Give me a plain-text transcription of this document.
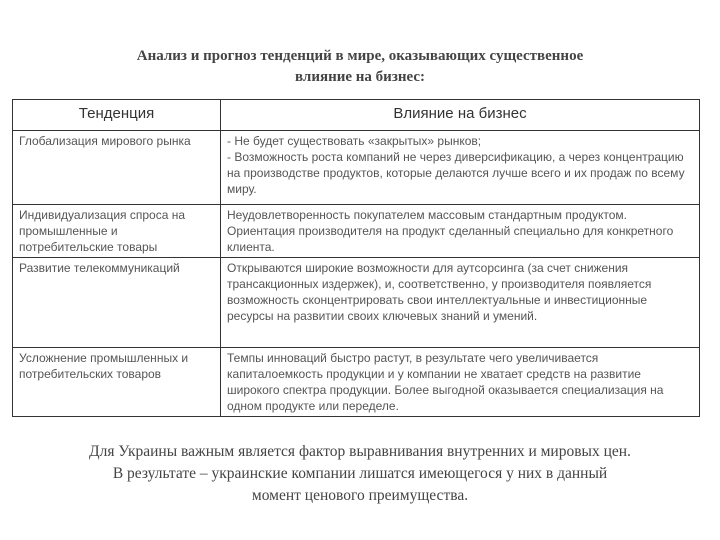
Анализ и прогноз тенденций в мире, оказывающих существенное
влияние на бизнес:
Тенденция	Влияние на бизнес
Глобализация мирового рынка	- Не будет существовать «закрытых» рынков;
- Возможность роста компаний не через диверсификацию, а через концентрацию на производстве продуктов, которые делаются лучше всего и их продаж по всему миру.

Индивидуализация спроса на промышленные и потребительские товары	Неудовлетворенность покупателем массовым стандартным продуктом. Ориентация производителя на продукт сделанный специально для конкретного клиента.
Развитие телекоммуникаций	Открываются широкие возможности для аутсорсинга (за счет снижения трансакционных издержек), и, соответственно, у производителя появляется возможность сконцентрировать свои интеллектуальные и инвестиционные ресурсы на развитии своих ключевых знаний и умений.
Усложнение промышленных и потребительских товаров	Темпы инноваций быстро растут, в результате чего увеличивается капиталоемкость продукции и у компании не хватает средств на развитие широкого спектра продукции. Более выгодной оказывается специализация на одном продукте или переделе.
Для Украины важным является фактор выравнивания внутренних и мировых цен.
В результате – украинские компании лишатся имеющегося у них в данный
момент ценового преимущества.
